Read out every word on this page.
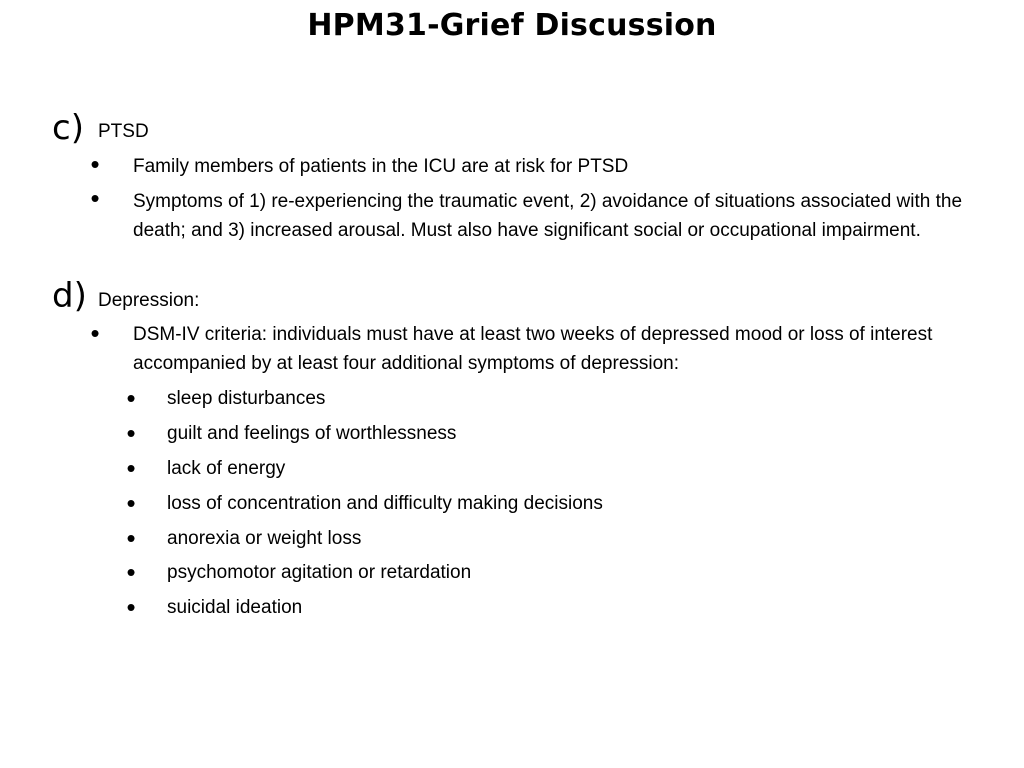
HPM31-Grief Discussion
c) PTSD
• Family members of patients in the ICU are at risk for PTSD
• Symptoms of 1) re-experiencing the traumatic event, 2) avoidance of situations associated with the death; and 3) increased arousal. Must also have significant social or occupational impairment.
d) Depression:
• DSM-IV criteria: individuals must have at least two weeks of depressed mood or loss of interest accompanied by at least four additional symptoms of depression:
• sleep disturbances
• guilt and feelings of worthlessness
• lack of energy
• loss of concentration and difficulty making decisions
• anorexia or weight loss
• psychomotor agitation or retardation
• suicidal ideation
